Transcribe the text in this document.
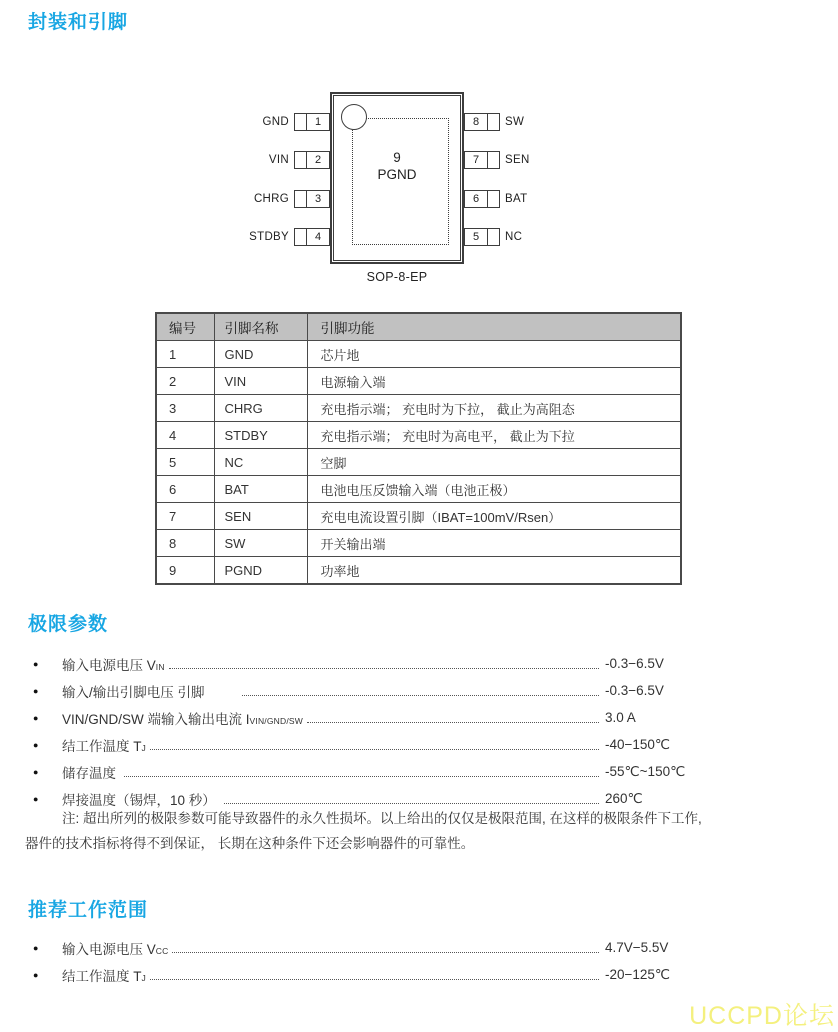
封装和引脚
9
PGND
GND	1
VIN	2
CHRG	3
STDBY	4
8	SW
7	SEN
6	BAT
5	NC
SOP-8-EP
编号	引脚名称	引脚功能
1	GND	芯片地
2	VIN	电源输入端
3	CHRG	充电指示端； 充电时为下拉， 截止为高阻态
4	STDBY	充电指示端； 充电时为高电平， 截止为下拉
5	NC	空脚
6	BAT	电池电压反馈输入端（电池正极）
7	SEN	充电电流设置引脚（IBAT=100mV/Rsen）
8	SW	开关输出端
9	PGND	功率地
极限参数
●	输入电源电压 VIN	-0.3−6.5V
●	输入/输出引脚电压 引脚	-0.3−6.5V
●	VIN/GND/SW 端输入输出电流 IVIN/GND/SW	3.0 A
●	结工作温度 TJ	-40−150℃
●	储存温度	-55℃~150℃
●	焊接温度（锡焊，10 秒）	260℃
注: 超出所列的极限参数可能导致器件的永久性损坏。以上给出的仅仅是极限范围, 在这样的极限条件下工作,
器件的技术指标将得不到保证， 长期在这种条件下还会影响器件的可靠性。
推荐工作范围
●	输入电源电压 VCC	4.7V−5.5V
●	结工作温度 TJ	-20−125℃
UCCPD论坛
